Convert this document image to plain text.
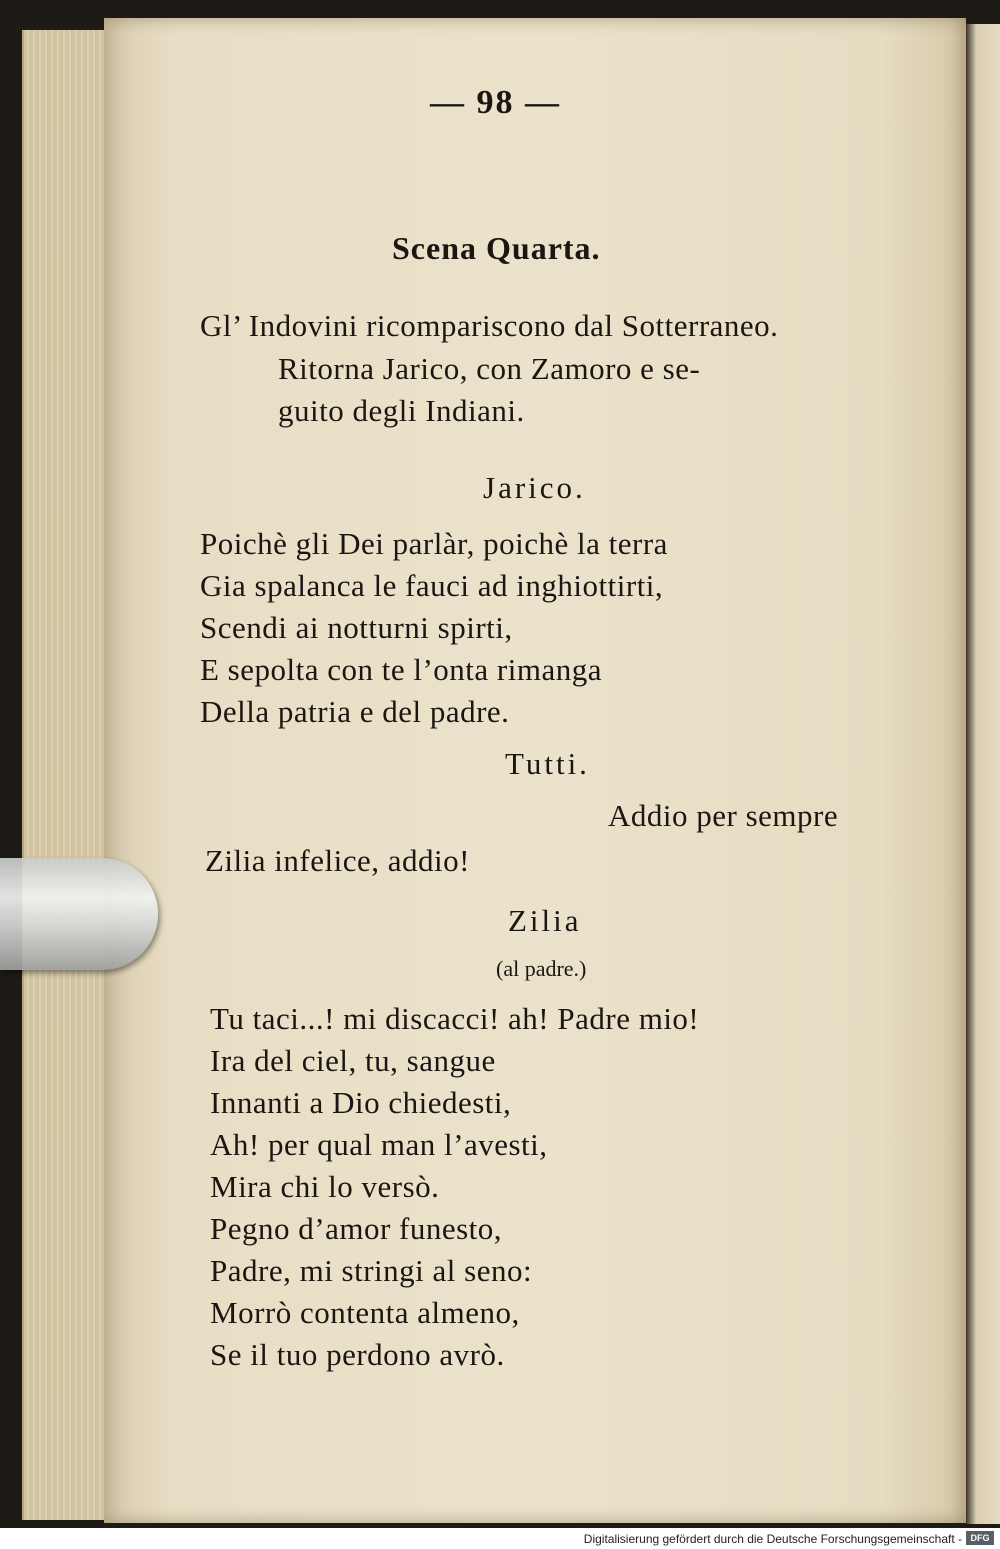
— 98 —
Scena Quarta.
Gl’ Indovini ricompariscono dal Sotterraneo.
Ritorna Jarico, con Zamoro e se-
guito degli Indiani.
Jarico.
Poichè gli Dei parlàr, poichè la terra
Gia spalanca le fauci ad inghiottirti,
Scendi ai notturni spirti,
E sepolta con te l’onta rimanga
Della patria e del padre.
Tutti.
Addio per sempre
Zilia infelice, addio!
Zilia
(al padre.)
Tu taci...! mi discacci! ah! Padre mio!
Ira del ciel, tu, sangue
Innanti a Dio chiedesti,
Ah! per qual man l’avesti,
Mira chi lo versò.
Pegno d’amor funesto,
Padre, mi stringi al seno:
Morrò contenta almeno,
Se il tuo perdono avrò.
Digitalisierung gefördert durch die Deutsche Forschungsgemeinschaft - DFG
